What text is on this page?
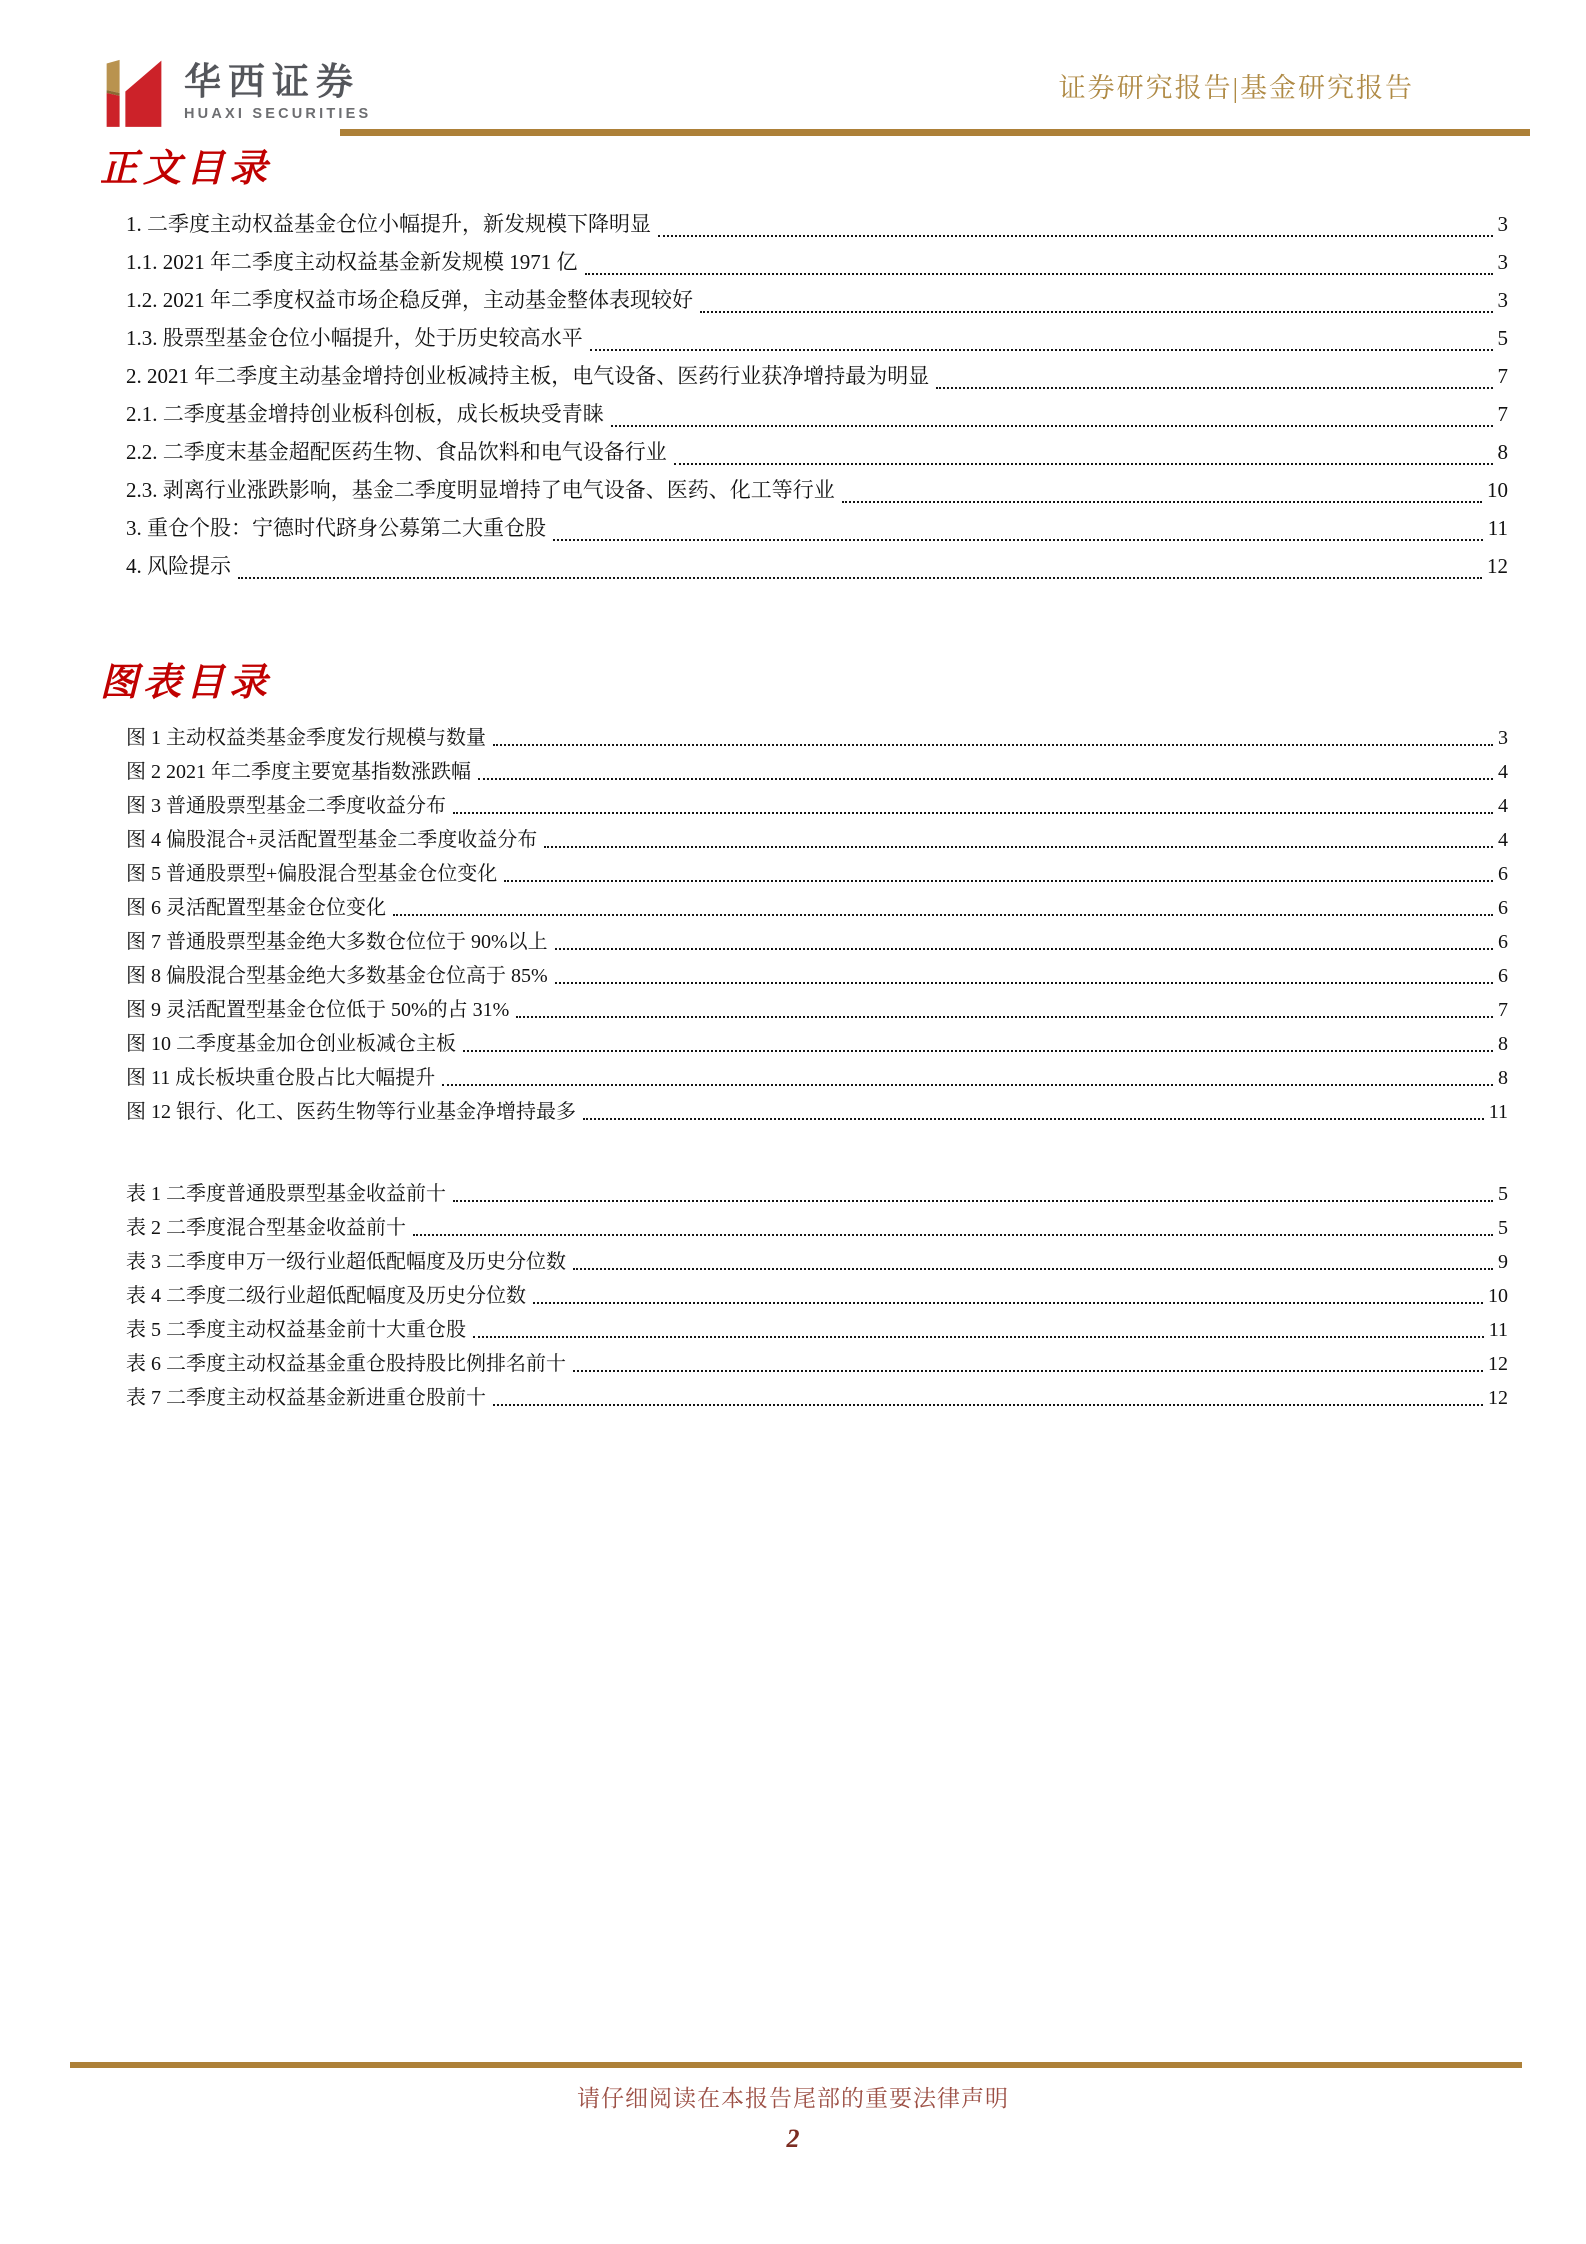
华西证券
HUAXI SECURITIES
证券研究报告|基金研究报告
正文目录
1. 二季度主动权益基金仓位小幅提升，新发规模下降明显	3
1.1. 2021 年二季度主动权益基金新发规模 1971 亿	3
1.2. 2021 年二季度权益市场企稳反弹，主动基金整体表现较好	3
1.3. 股票型基金仓位小幅提升，处于历史较高水平	5
2. 2021 年二季度主动基金增持创业板减持主板，电气设备、医药行业获净增持最为明显	7
2.1. 二季度基金增持创业板科创板，成长板块受青睐	7
2.2. 二季度末基金超配医药生物、食品饮料和电气设备行业	8
2.3. 剥离行业涨跌影响，基金二季度明显增持了电气设备、医药、化工等行业	10
3. 重仓个股：宁德时代跻身公募第二大重仓股	11
4. 风险提示	12
图表目录
图 1 主动权益类基金季度发行规模与数量	3
图 2 2021 年二季度主要宽基指数涨跌幅	4
图 3 普通股票型基金二季度收益分布	4
图 4 偏股混合+灵活配置型基金二季度收益分布	4
图 5 普通股票型+偏股混合型基金仓位变化	6
图 6 灵活配置型基金仓位变化	6
图 7 普通股票型基金绝大多数仓位位于 90%以上	6
图 8 偏股混合型基金绝大多数基金仓位高于 85%	6
图 9 灵活配置型基金仓位低于 50%的占 31%	7
图 10 二季度基金加仓创业板减仓主板	8
图 11 成长板块重仓股占比大幅提升	8
图 12 银行、化工、医药生物等行业基金净增持最多	11
表 1 二季度普通股票型基金收益前十	5
表 2 二季度混合型基金收益前十	5
表 3 二季度申万一级行业超低配幅度及历史分位数	9
表 4 二季度二级行业超低配幅度及历史分位数	10
表 5 二季度主动权益基金前十大重仓股	11
表 6 二季度主动权益基金重仓股持股比例排名前十	12
表 7 二季度主动权益基金新进重仓股前十	12
请仔细阅读在本报告尾部的重要法律声明
2
